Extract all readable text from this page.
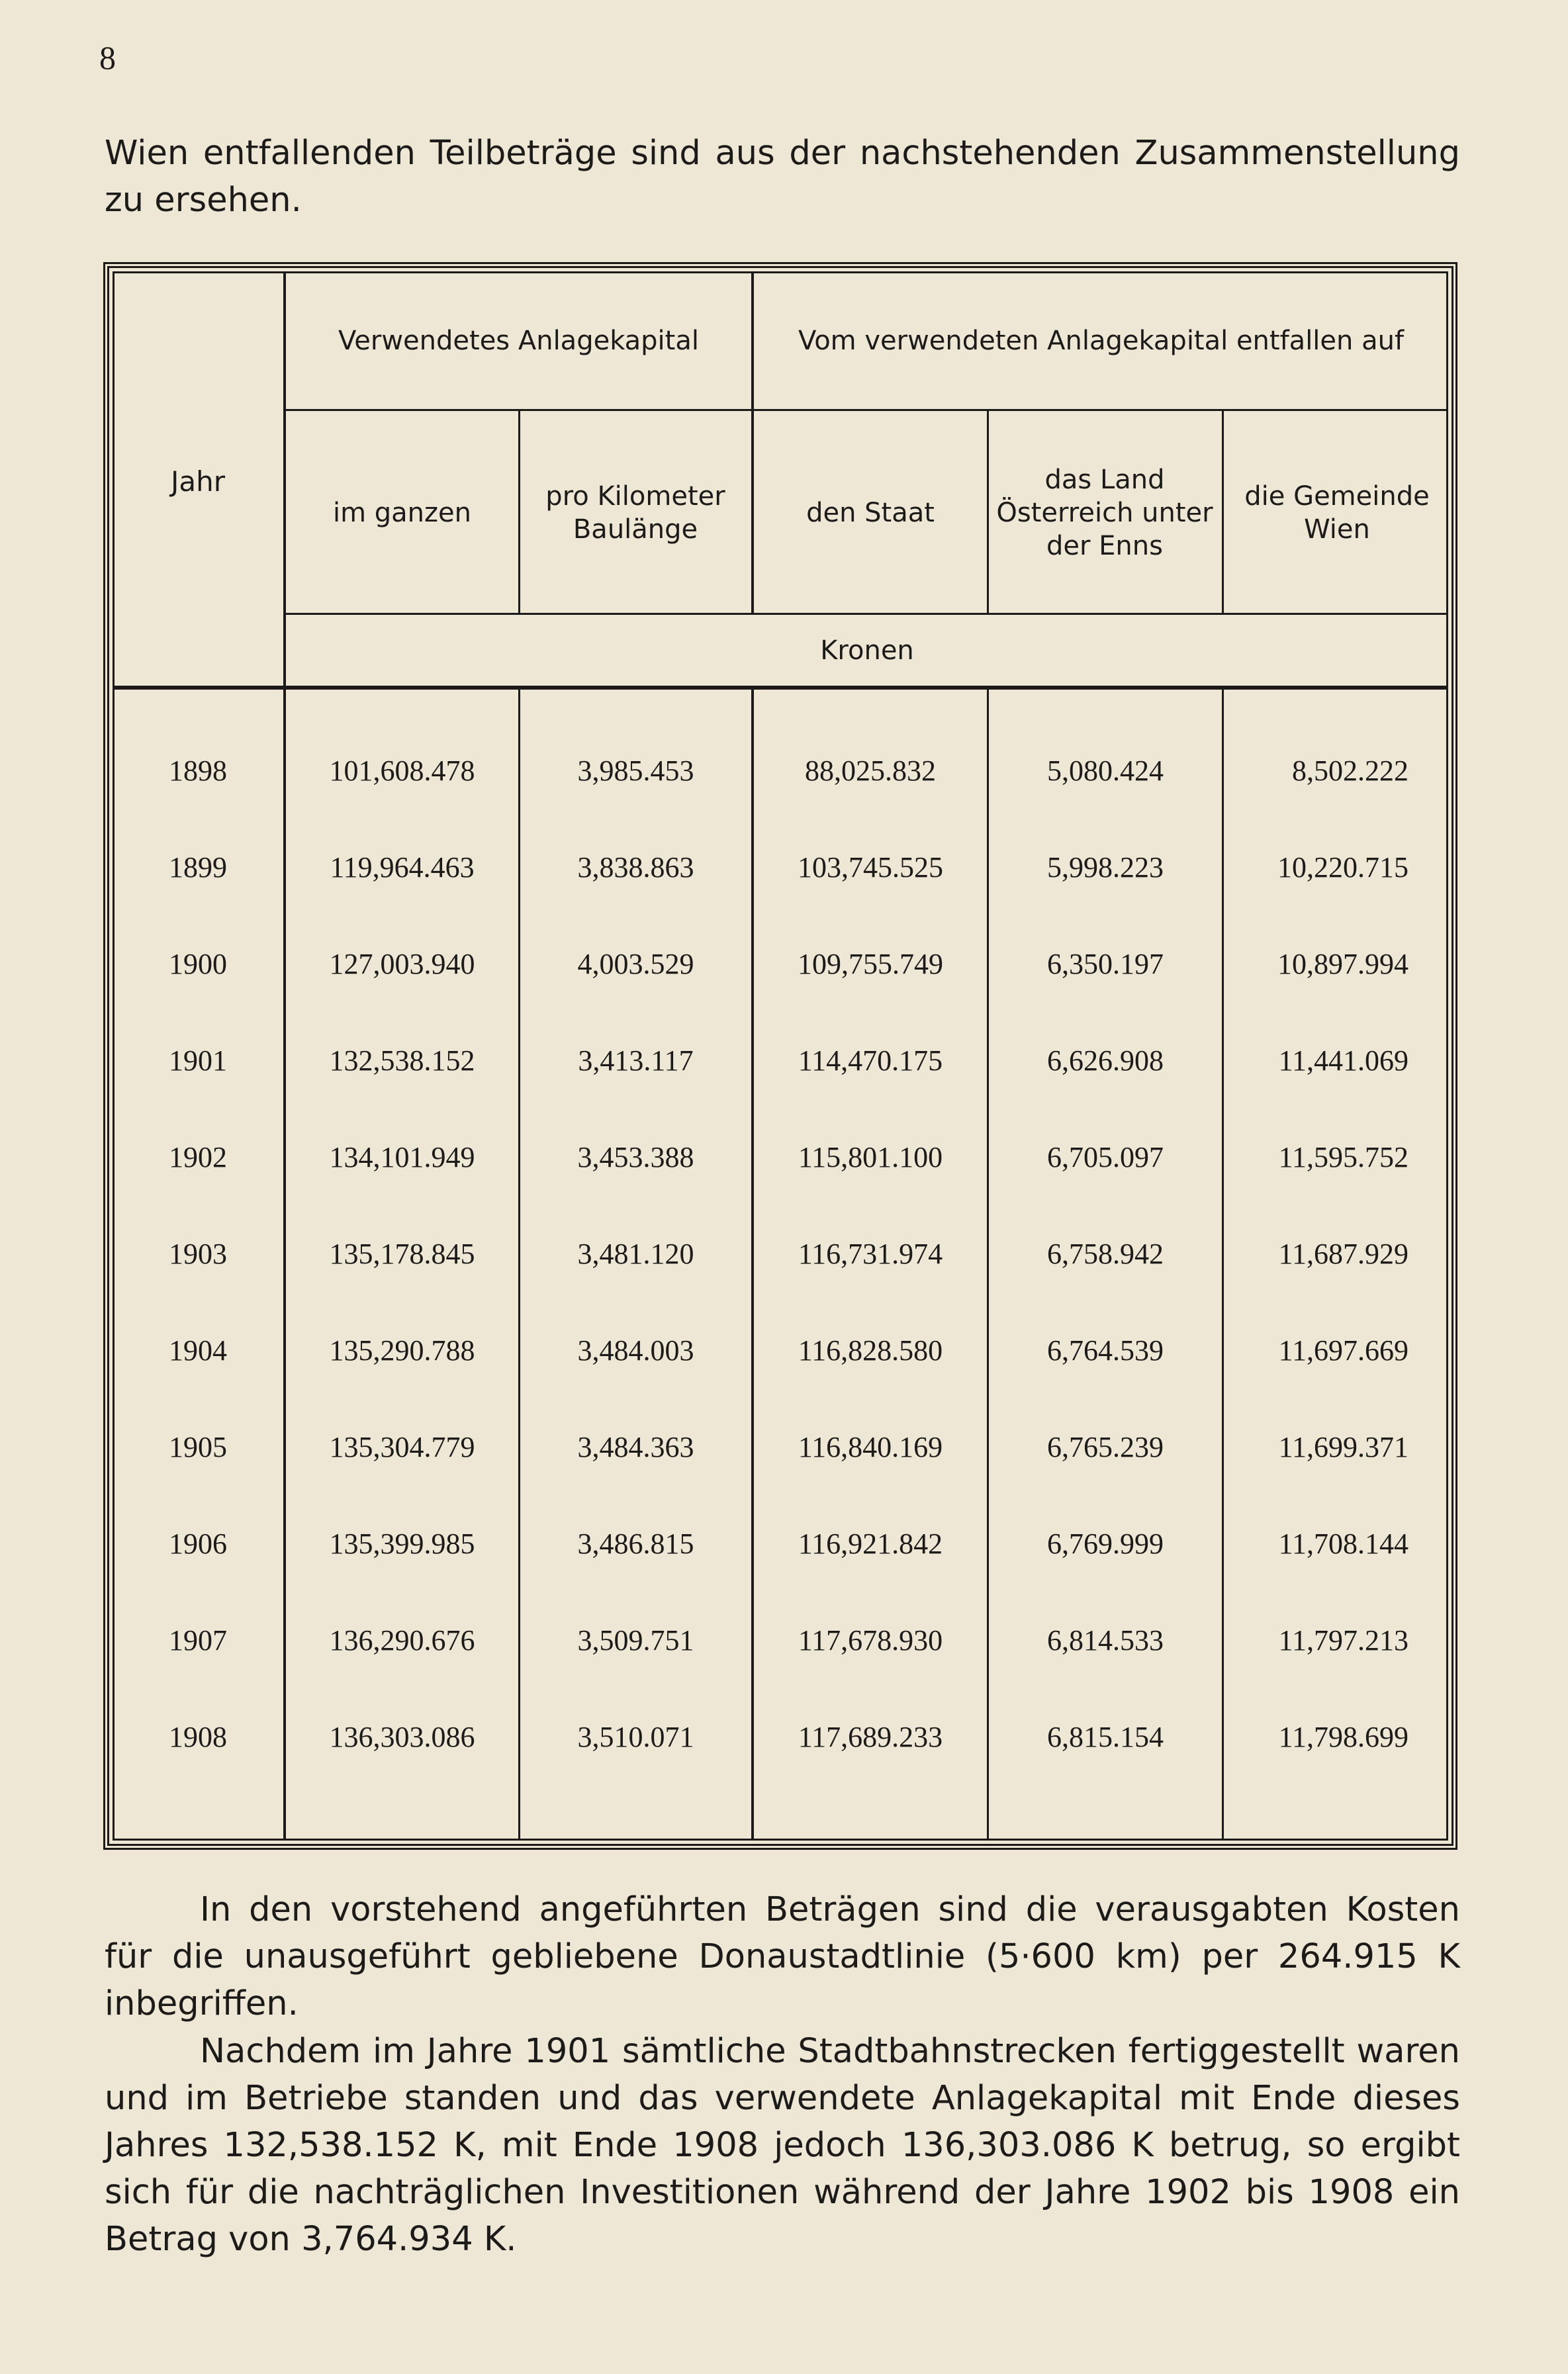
8
Wien entfallenden Teilbeträge sind aus der nachstehenden Zusammenstellung zu ersehen.
Jahr
Verwendetes Anlagekapital	Vom verwendeten Anlagekapital entfallen auf
im ganzen
pro Kilometer Baulänge
den Staat
das Land Österreich unter der Enns
die Gemeinde Wien
Kronen
1898	101,608.478	3,985.453	88,025.832	5,080.424	8,502.222
1899	119,964.463	3,838.863	103,745.525	5,998.223	10,220.715
1900	127,003.940	4,003.529	109,755.749	6,350.197	10,897.994
1901	132,538.152	3,413.117	114,470.175	6,626.908	11,441.069
1902	134,101.949	3,453.388	115,801.100	6,705.097	11,595.752
1903	135,178.845	3,481.120	116,731.974	6,758.942	11,687.929
1904	135,290.788	3,484.003	116,828.580	6,764.539	11,697.669
1905	135,304.779	3,484.363	116,840.169	6,765.239	11,699.371
1906	135,399.985	3,486.815	116,921.842	6,769.999	11,708.144
1907	136,290.676	3,509.751	117,678.930	6,814.533	11,797.213
1908	136,303.086	3,510.071	117,689.233	6,815.154	11,798.699
In den vorstehend angeführten Beträgen sind die verausgabten Kosten für die unausgeführt gebliebene Donaustadtlinie (5·600 km) per 264.915 K inbegriffen.
Nachdem im Jahre 1901 sämtliche Stadtbahnstrecken fertiggestellt waren und im Betriebe standen und das verwendete Anlagekapital mit Ende dieses Jahres 132,538.152 K, mit Ende 1908 jedoch 136,303.086 K betrug, so ergibt sich für die nachträglichen Investitionen während der Jahre 1902 bis 1908 ein Betrag von 3,764.934 K.
